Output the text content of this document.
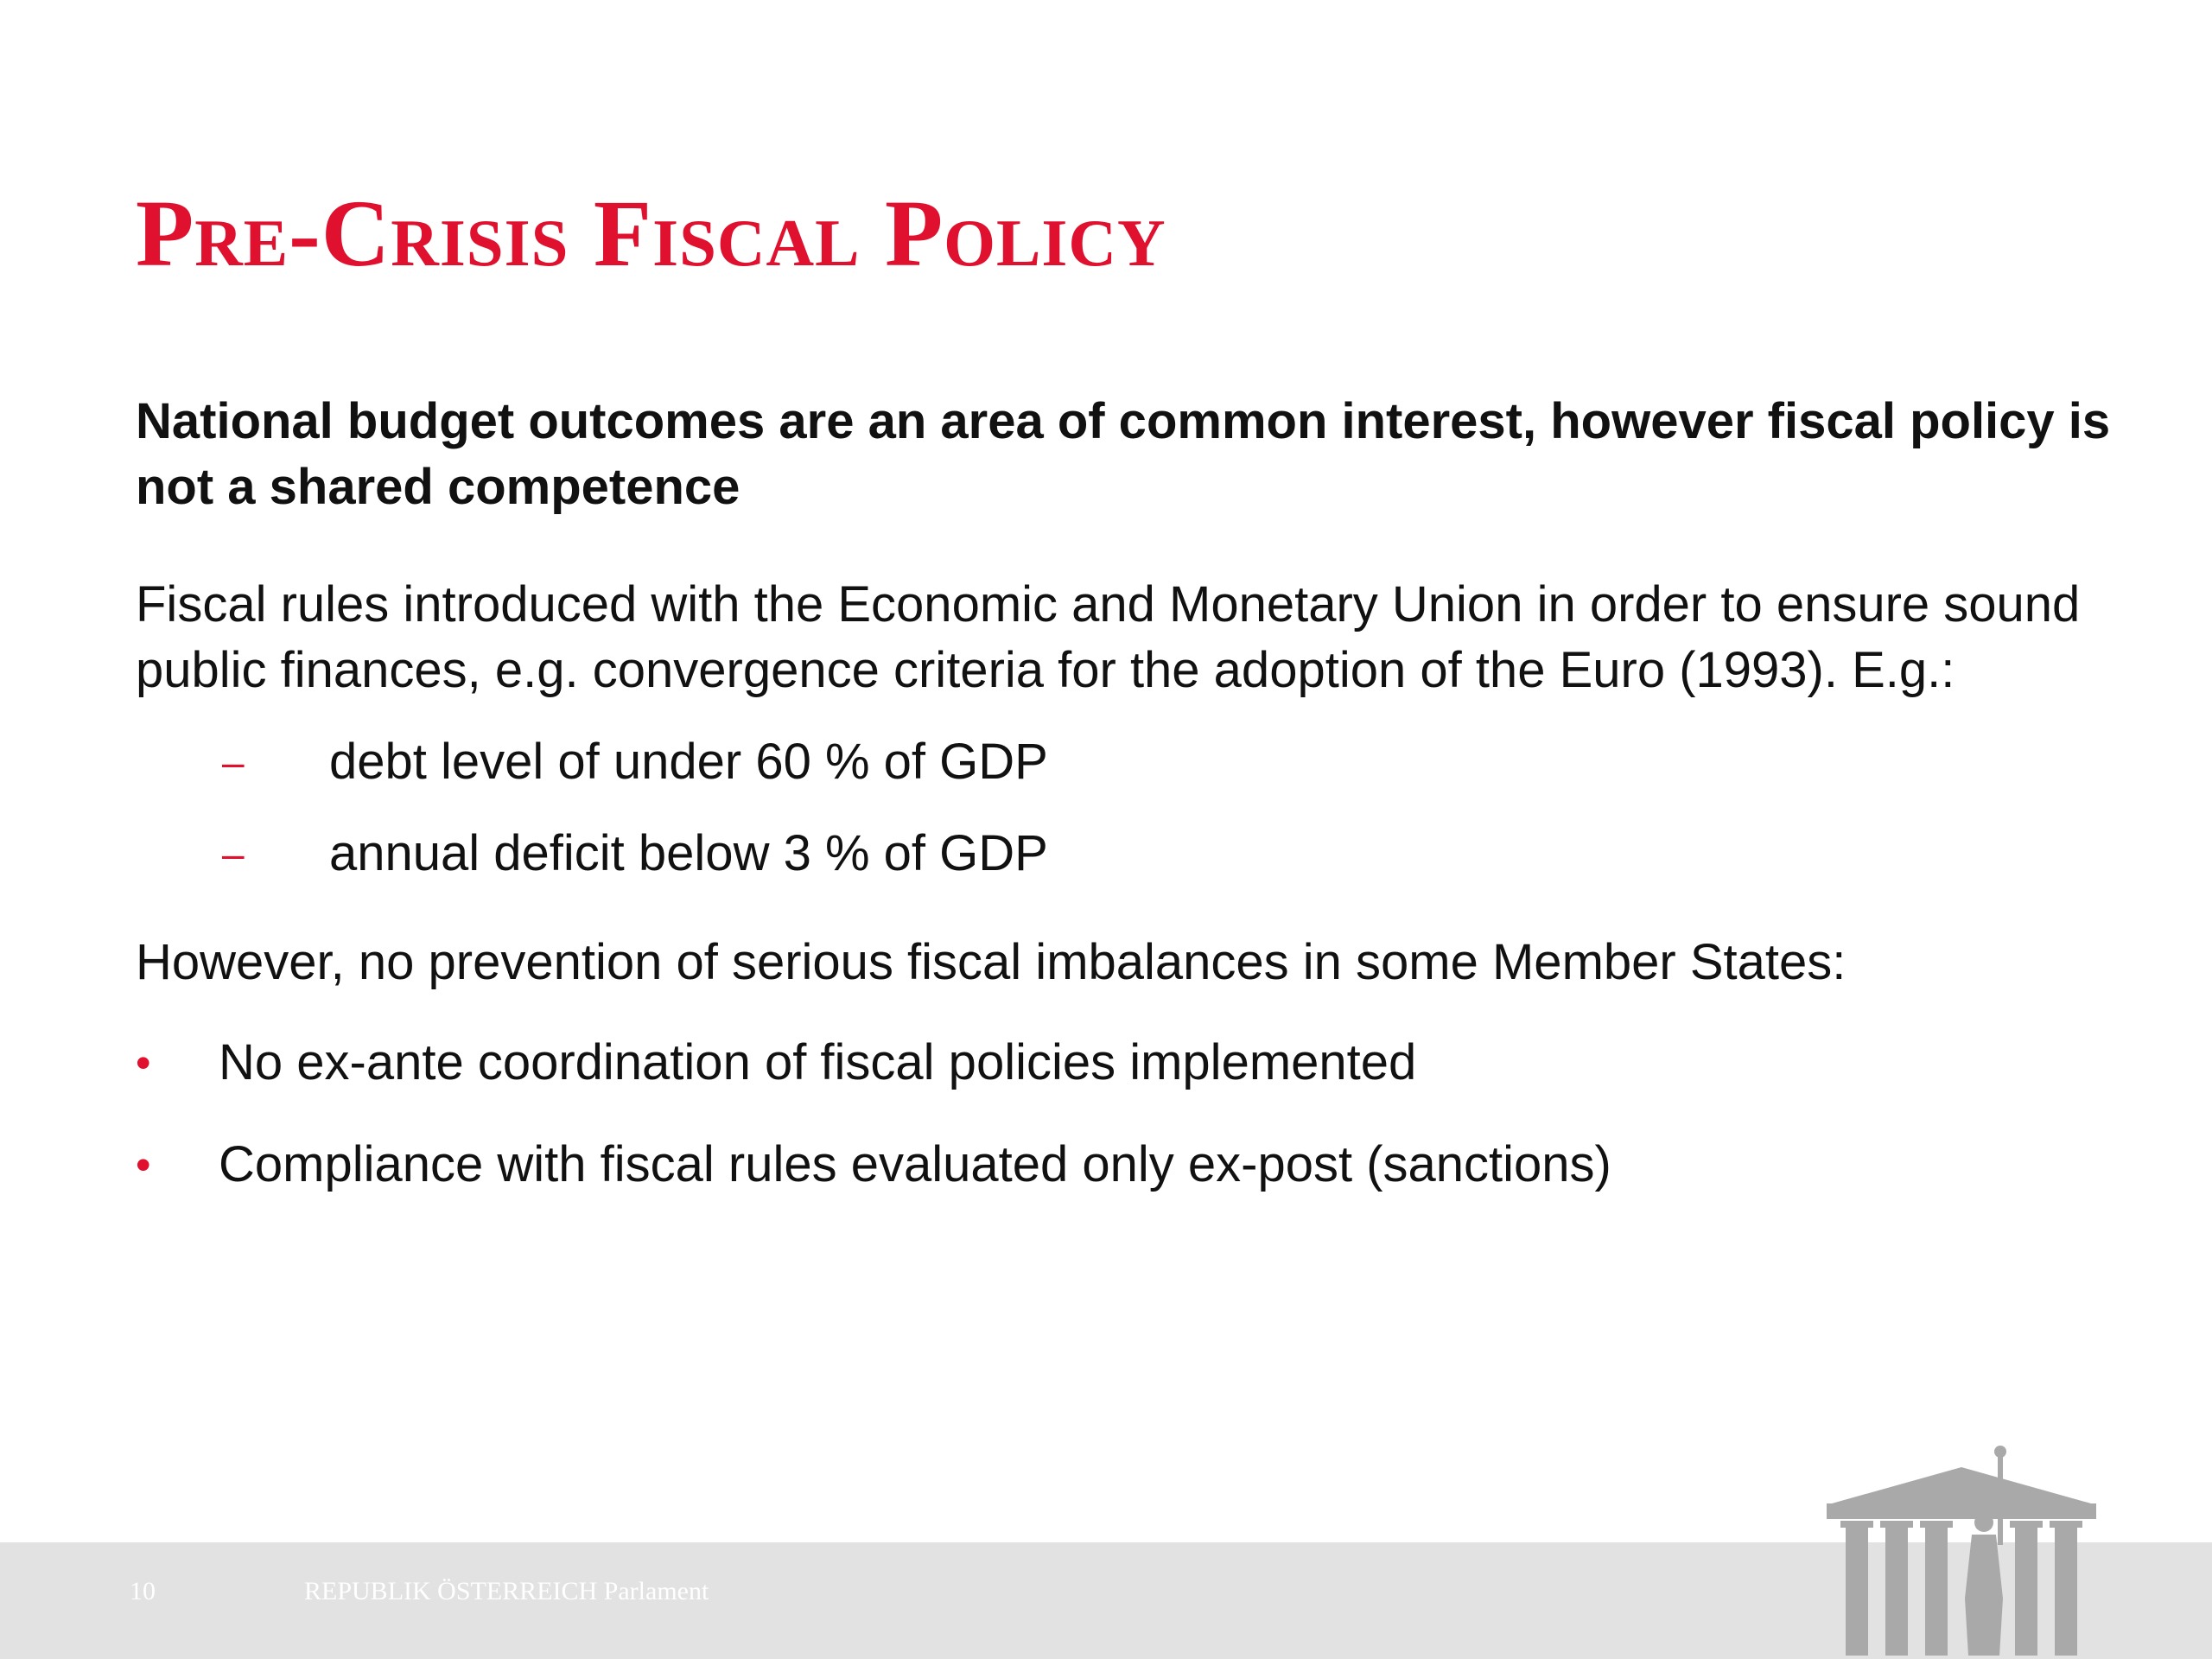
Pre-Crisis Fiscal Policy

National budget outcomes are an area of common interest, however fiscal policy is not a shared competence

Fiscal rules introduced with the Economic and Monetary Union in order to ensure sound public finances, e.g. convergence criteria for the adoption of the Euro (1993). E.g.:

– debt level of under 60 % of GDP
– annual deficit below 3 % of GDP

However, no prevention of serious fiscal imbalances in some Member States:

• No ex-ante coordination of fiscal policies implemented
• Compliance with fiscal rules evaluated only ex-post (sanctions)
10	REPUBLIK ÖSTERREICH Parlament
